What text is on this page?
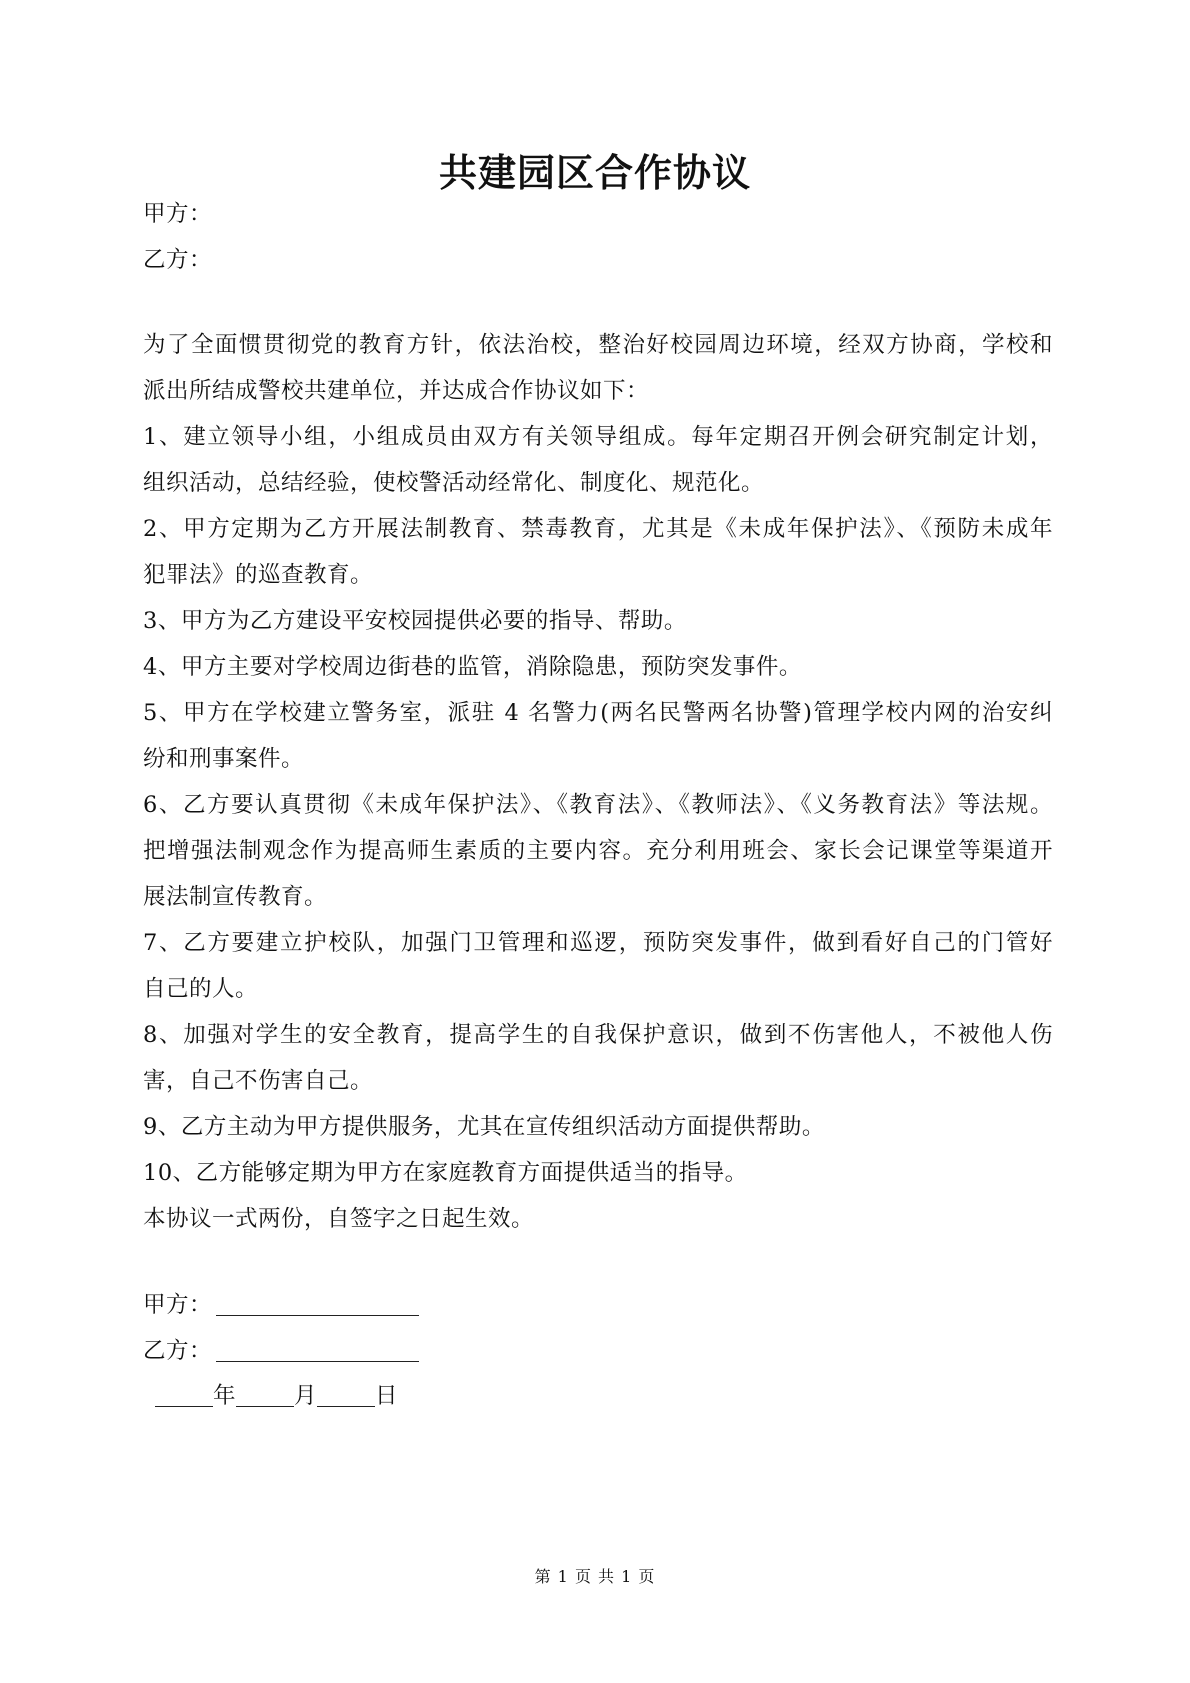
共建园区合作协议
甲方：
乙方：
为了全面惯贯彻党的教育方针，依法治校，整治好校园周边环境，经双方协商，学校和
派出所结成警校共建单位，并达成合作协议如下：
1、建立领导小组，小组成员由双方有关领导组成。每年定期召开例会研究制定计划，
组织活动，总结经验，使校警活动经常化、制度化、规范化。
2、甲方定期为乙方开展法制教育、禁毒教育，尤其是《未成年保护法》、《预防未成年
犯罪法》的巡查教育。
3、甲方为乙方建设平安校园提供必要的指导、帮助。
4、甲方主要对学校周边街巷的监管，消除隐患，预防突发事件。
5、甲方在学校建立警务室，派驻 4 名警力(两名民警两名协警)管理学校内网的治安纠
纷和刑事案件。
6、乙方要认真贯彻《未成年保护法》、《教育法》、《教师法》、《义务教育法》等法规。
把增强法制观念作为提高师生素质的主要内容。充分利用班会、家长会记课堂等渠道开
展法制宣传教育。
7、乙方要建立护校队，加强门卫管理和巡逻，预防突发事件，做到看好自己的门管好
自己的人。
8、加强对学生的安全教育，提高学生的自我保护意识，做到不伤害他人，不被他人伤
害，自己不伤害自己。
9、乙方主动为甲方提供服务，尤其在宣传组织活动方面提供帮助。
10、乙方能够定期为甲方在家庭教育方面提供适当的指导。
本协议一式两份，自签字之日起生效。
甲方：
乙方：
年	月	日
第 1 页 共 1 页
